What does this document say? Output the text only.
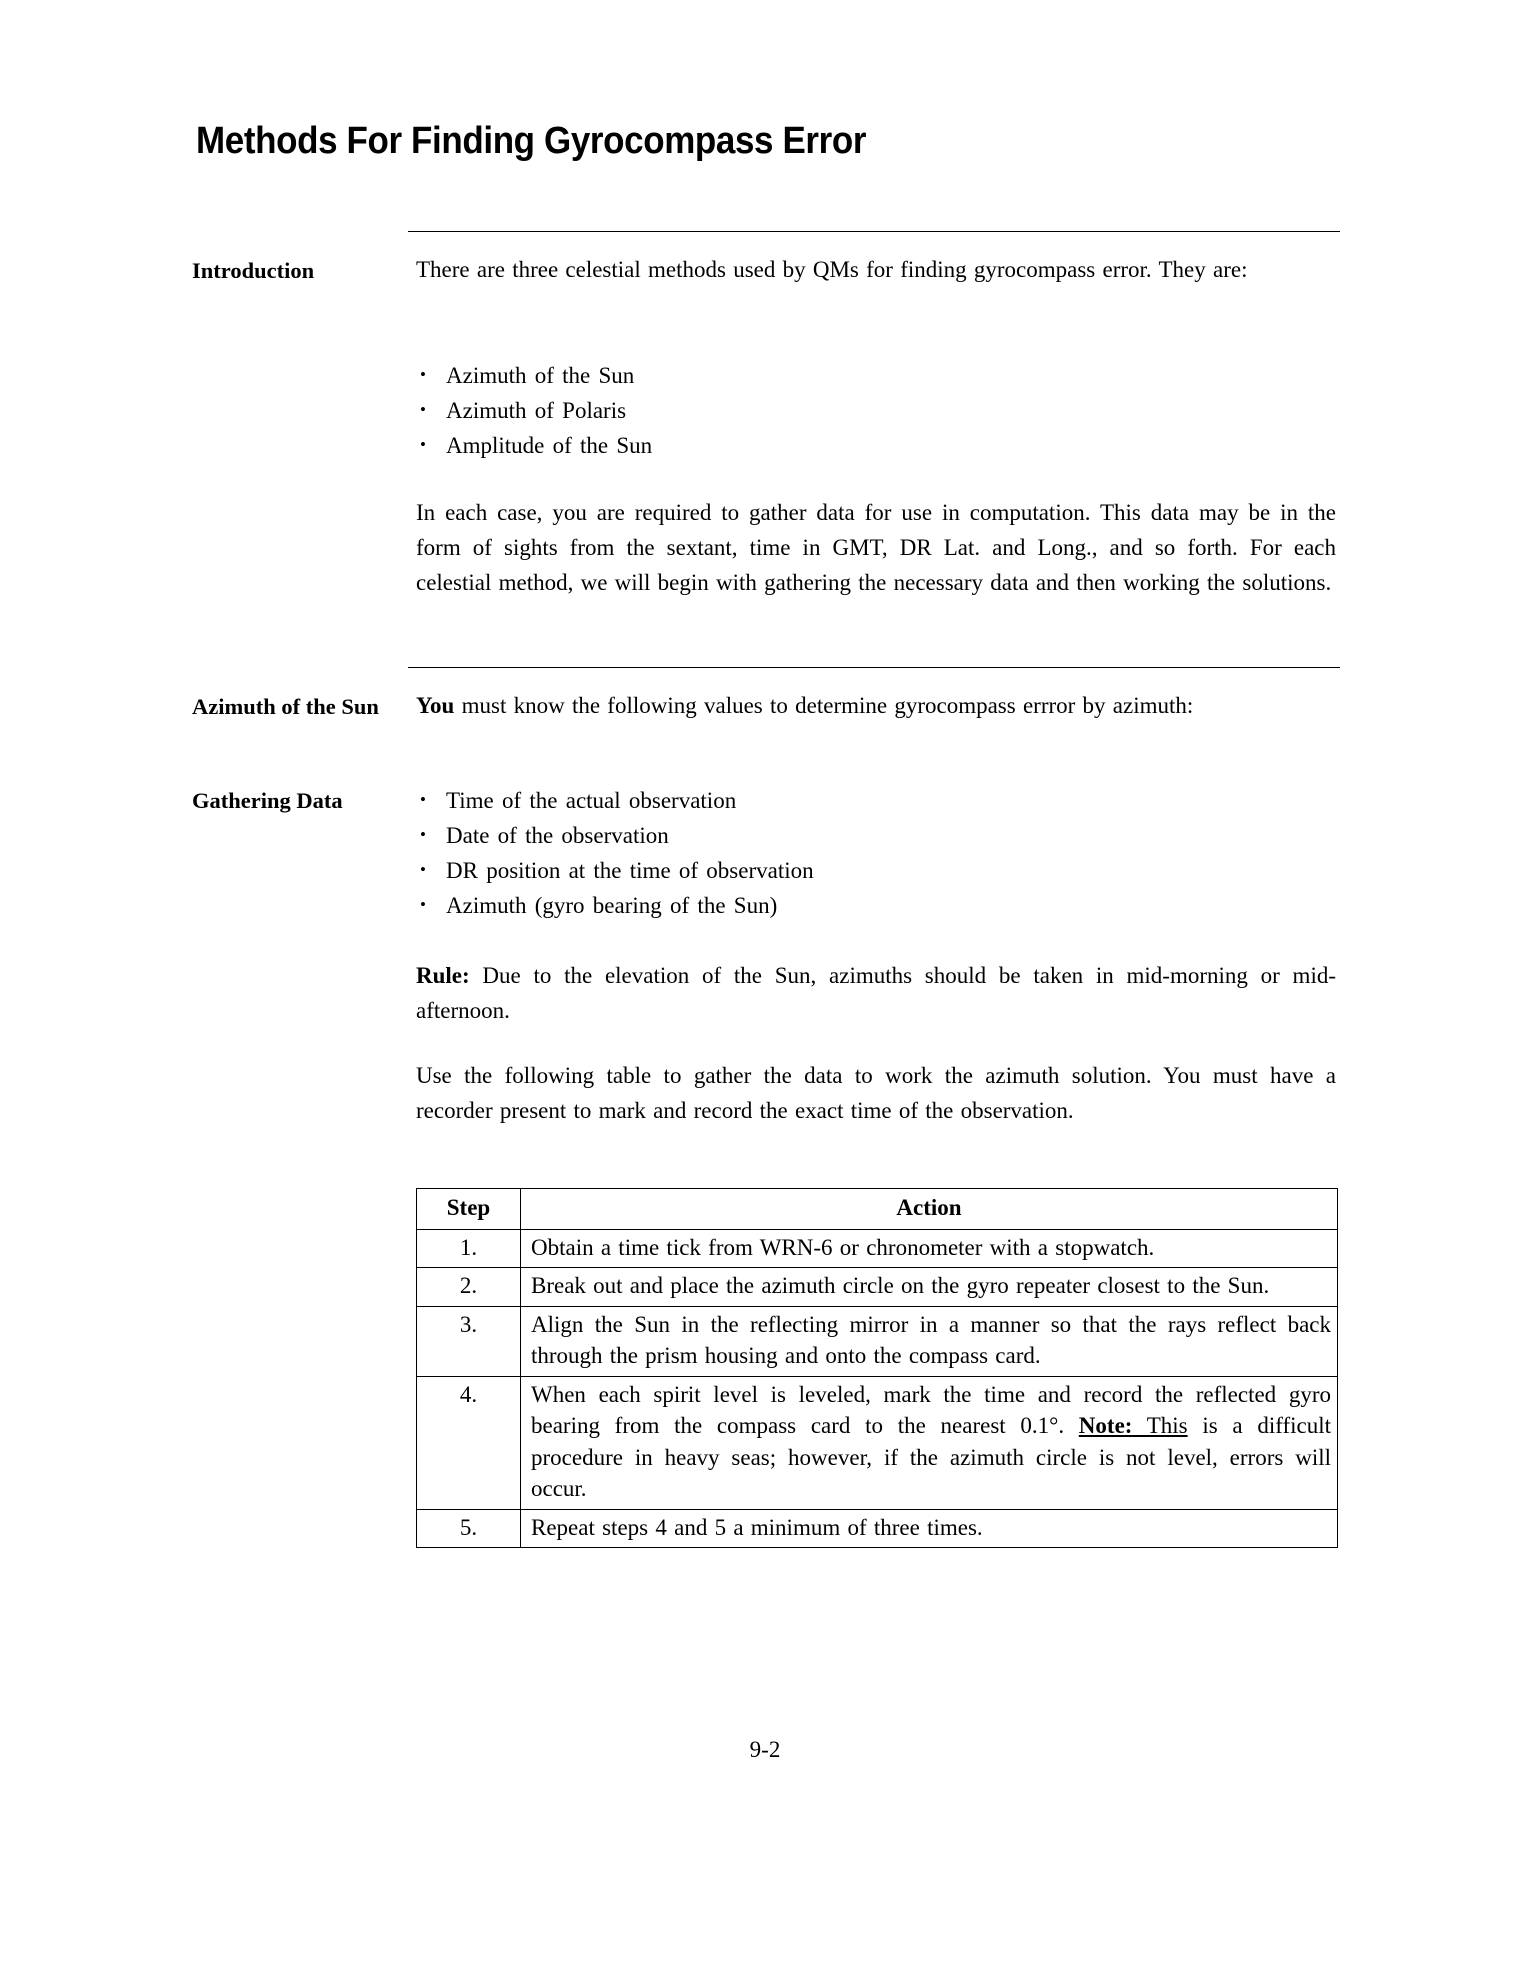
Methods For Finding Gyrocompass Error
Introduction	There are three celestial methods used by QMs for finding gyrocompass error. They are:
• Azimuth of the Sun
• Azimuth of Polaris
• Amplitude of the Sun
In each case, you are required to gather data for use in computation. This data may be in the form of sights from the sextant, time in GMT, DR Lat. and Long., and so forth. For each celestial method, we will begin with gathering the necessary data and then working the solutions.
Azimuth of the Sun	You must know the following values to determine gyrocompass errror by azimuth:
Gathering Data	• Time of the actual observation
• Date of the observation
• DR position at the time of observation
• Azimuth (gyro bearing of the Sun)
Rule: Due to the elevation of the Sun, azimuths should be taken in mid-morning or mid-afternoon.
Use the following table to gather the data to work the azimuth solution. You must have a recorder present to mark and record the exact time of the observation.
Step	Action
1.	Obtain a time tick from WRN-6 or chronometer with a stopwatch.
2.	Break out and place the azimuth circle on the gyro repeater closest to the Sun.
3.	Align the Sun in the reflecting mirror in a manner so that the rays reflect back through the prism housing and onto the compass card.
4.	When each spirit level is leveled, mark the time and record the reflected gyro bearing from the compass card to the nearest 0.1°. Note: This is a difficult procedure in heavy seas; however, if the azimuth circle is not level, errors will occur.
5.	Repeat steps 4 and 5 a minimum of three times.
9-2
